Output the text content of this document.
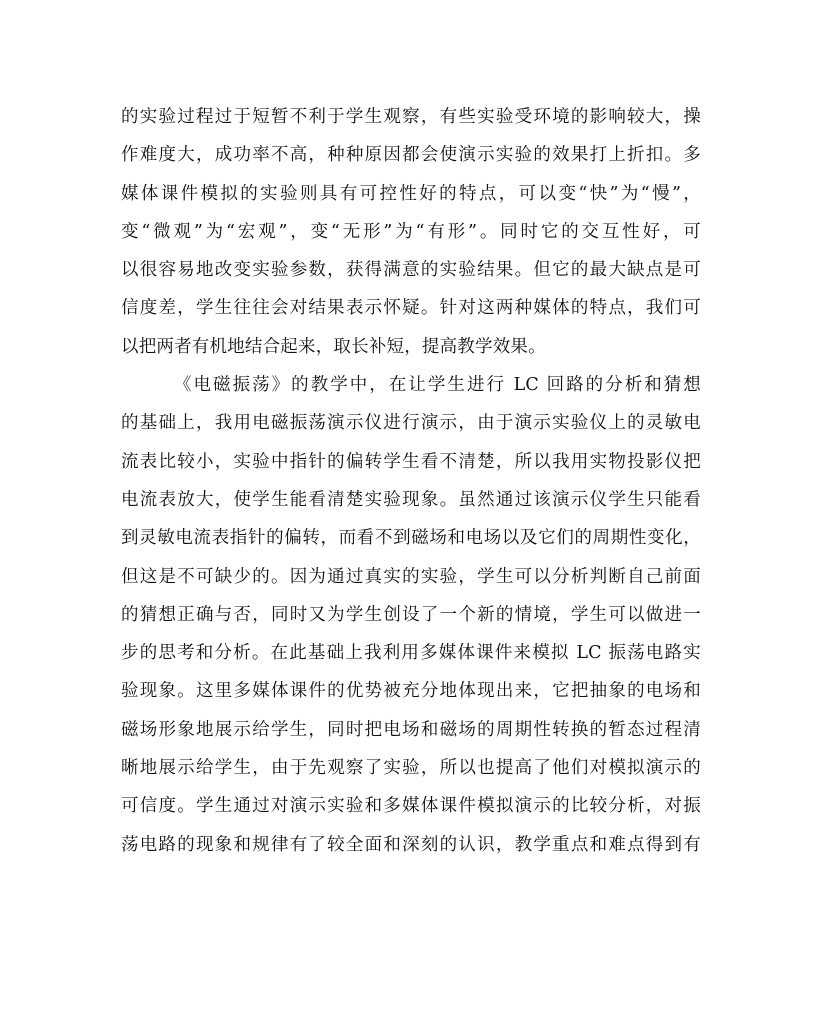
的实验过程过于短暂不利于学生观察，有些实验受环境的影响较大，操
作难度大，成功率不高，种种原因都会使演示实验的效果打上折扣。多
媒体课件模拟的实验则具有可控性好的特点，可以变“快”为“慢”，
变“微观”为“宏观”，变“无形”为“有形”。同时它的交互性好，可
以很容易地改变实验参数，获得满意的实验结果。但它的最大缺点是可
信度差，学生往往会对结果表示怀疑。针对这两种媒体的特点，我们可
以把两者有机地结合起来，取长补短，提高教学效果。
《电磁振荡》的教学中，在让学生进行 LC 回路的分析和猜想
的基础上，我用电磁振荡演示仪进行演示，由于演示实验仪上的灵敏电
流表比较小，实验中指针的偏转学生看不清楚，所以我用实物投影仪把
电流表放大，使学生能看清楚实验现象。虽然通过该演示仪学生只能看
到灵敏电流表指针的偏转，而看不到磁场和电场以及它们的周期性变化，
但这是不可缺少的。因为通过真实的实验，学生可以分析判断自己前面
的猜想正确与否，同时又为学生创设了一个新的情境，学生可以做进一
步的思考和分析。在此基础上我利用多媒体课件来模拟 LC 振荡电路实
验现象。这里多媒体课件的优势被充分地体现出来，它把抽象的电场和
磁场形象地展示给学生，同时把电场和磁场的周期性转换的暂态过程清
晰地展示给学生，由于先观察了实验，所以也提高了他们对模拟演示的
可信度。学生通过对演示实验和多媒体课件模拟演示的比较分析，对振
荡电路的现象和规律有了较全面和深刻的认识，教学重点和难点得到有
